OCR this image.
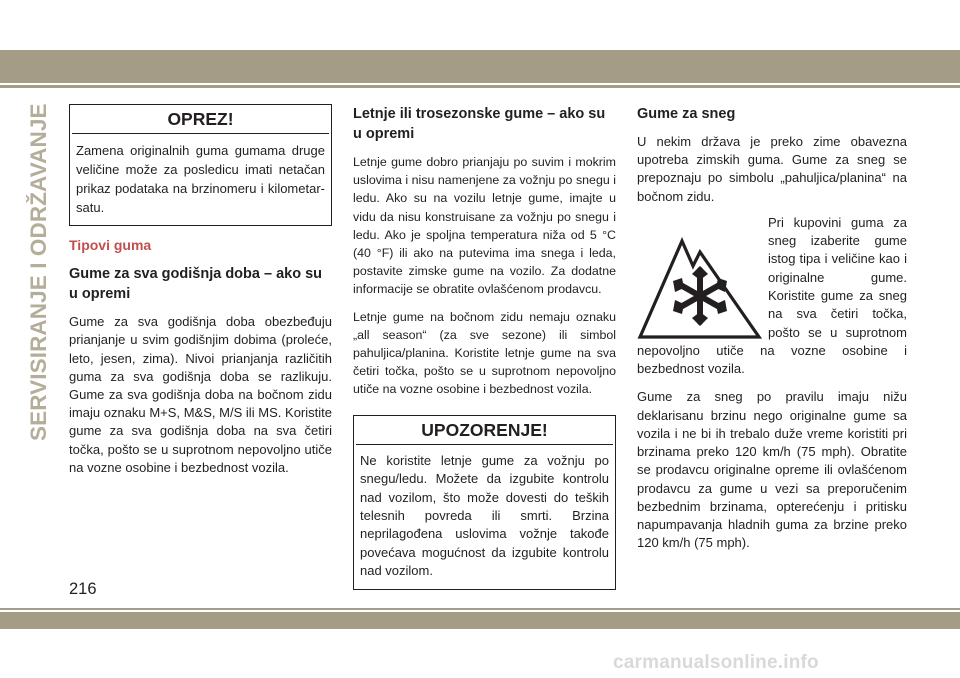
SERVISIRANJE I ODRŽAVANJE	OPREZ!
Zamena originalnih guma gumama druge veličine može za posledicu imati netačan prikaz podataka na brzinomeru i kilometar-satu.
Tipovi guma
Gume za sva godišnja doba – ako su u opremi

Gume za sva godišnja doba obezbeđuju prianjanje u svim godišnjim dobima (proleće, leto, jesen, zima). Nivoi prianjanja različitih guma za sva godišnja doba se razlikuju. Gume za sva godišnja doba na bočnom zidu imaju oznaku M+S, M&S, M/S ili MS. Koristite gume za sva godišnja doba na sva četiri točka, pošto se u suprotnom nepovoljno utiče na vozne osobine i bezbednost vozila.

Letnje ili trosezonske gume – ako su u opremi

Letnje gume dobro prianjaju po suvim i mokrim uslovima i nisu namenjene za vožnju po snegu i ledu. Ako su na vozilu letnje gume, imajte u vidu da nisu konstruisane za vožnju po snegu i ledu. Ako je spoljna temperatura niža od 5 °C (40 °F) ili ako na putevima ima snega i leda, postavite zimske gume na vozilo. Za dodatne informacije se obratite ovlašćenom prodavcu.

Letnje gume na bočnom zidu nemaju oznaku „all season“ (za sve sezone) ili simbol pahuljica/planina. Koristite letnje gume na sva četiri točka, pošto se u suprotnom nepovoljno utiče na vozne osobine i bezbednost vozila.

UPOZORENJE!
Ne koristite letnje gume za vožnju po snegu/ledu. Možete da izgubite kontrolu nad vozilom, što može dovesti do teških telesnih povreda ili smrti. Brzina neprilagođena uslovima vožnje takođe povećava mogućnost da izgubite kontrolu nad vozilom.
Gume za sneg

U nekim država je preko zime obavezna upotreba zimskih guma. Gume za sneg se prepoznaju po simbolu „pahuljica/planina“ na bočnom zidu.

Pri kupovini guma za sneg izaberite gume istog tipa i veličine kao i originalne gume. Koristite gume za sneg na sva četiri točka, pošto se u suprotnom nepovoljno utiče na vozne osobine i bezbednost vozila.

Gume za sneg po pravilu imaju nižu deklarisanu brzinu nego originalne gume sa vozila i ne bi ih trebalo duže vreme koristiti pri brzinama preko 120 km/h (75 mph). Obratite se prodavcu originalne opreme ili ovlašćenom prodavcu za gume u vezi sa preporučenim bezbednim brzinama, opterećenju i pritisku napumpavanja hladnih guma za brzine preko 120 km/h (75 mph).

216
carmanualsonline.info
